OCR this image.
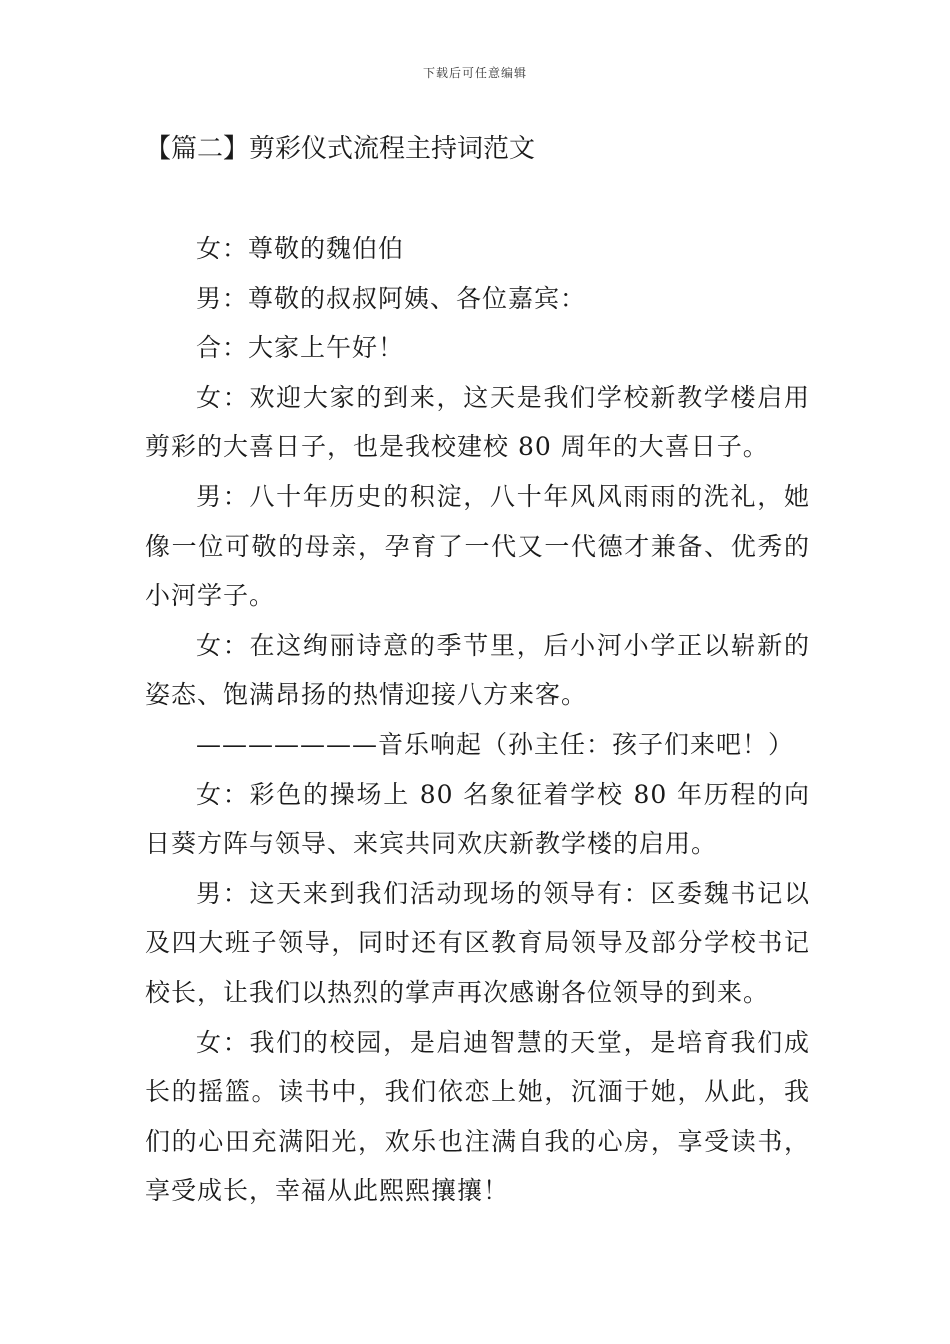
下载后可任意编辑
【篇二】剪彩仪式流程主持词范文

女：尊敬的魏伯伯

男：尊敬的叔叔阿姨、各位嘉宾：

合：大家上午好！

女：欢迎大家的到来，这天是我们学校新教学楼启用剪彩的大喜日子，也是我校建校 80 周年的大喜日子。

男：八十年历史的积淀，八十年风风雨雨的洗礼，她像一位可敬的母亲，孕育了一代又一代德才兼备、优秀的小河学子。

女：在这绚丽诗意的季节里，后小河小学正以崭新的姿态、饱满昂扬的热情迎接八方来客。

———————音乐响起（孙主任：孩子们来吧！）

女：彩色的操场上 80 名象征着学校 80 年历程的向日葵方阵与领导、来宾共同欢庆新教学楼的启用。

男：这天来到我们活动现场的领导有：区委魏书记以及四大班子领导，同时还有区教育局领导及部分学校书记校长，让我们以热烈的掌声再次感谢各位领导的到来。

女：我们的校园，是启迪智慧的天堂，是培育我们成长的摇篮。读书中，我们依恋上她，沉湎于她，从此，我们的心田充满阳光，欢乐也注满自我的心房，享受读书，享受成长，幸福从此熙熙攘攘！
